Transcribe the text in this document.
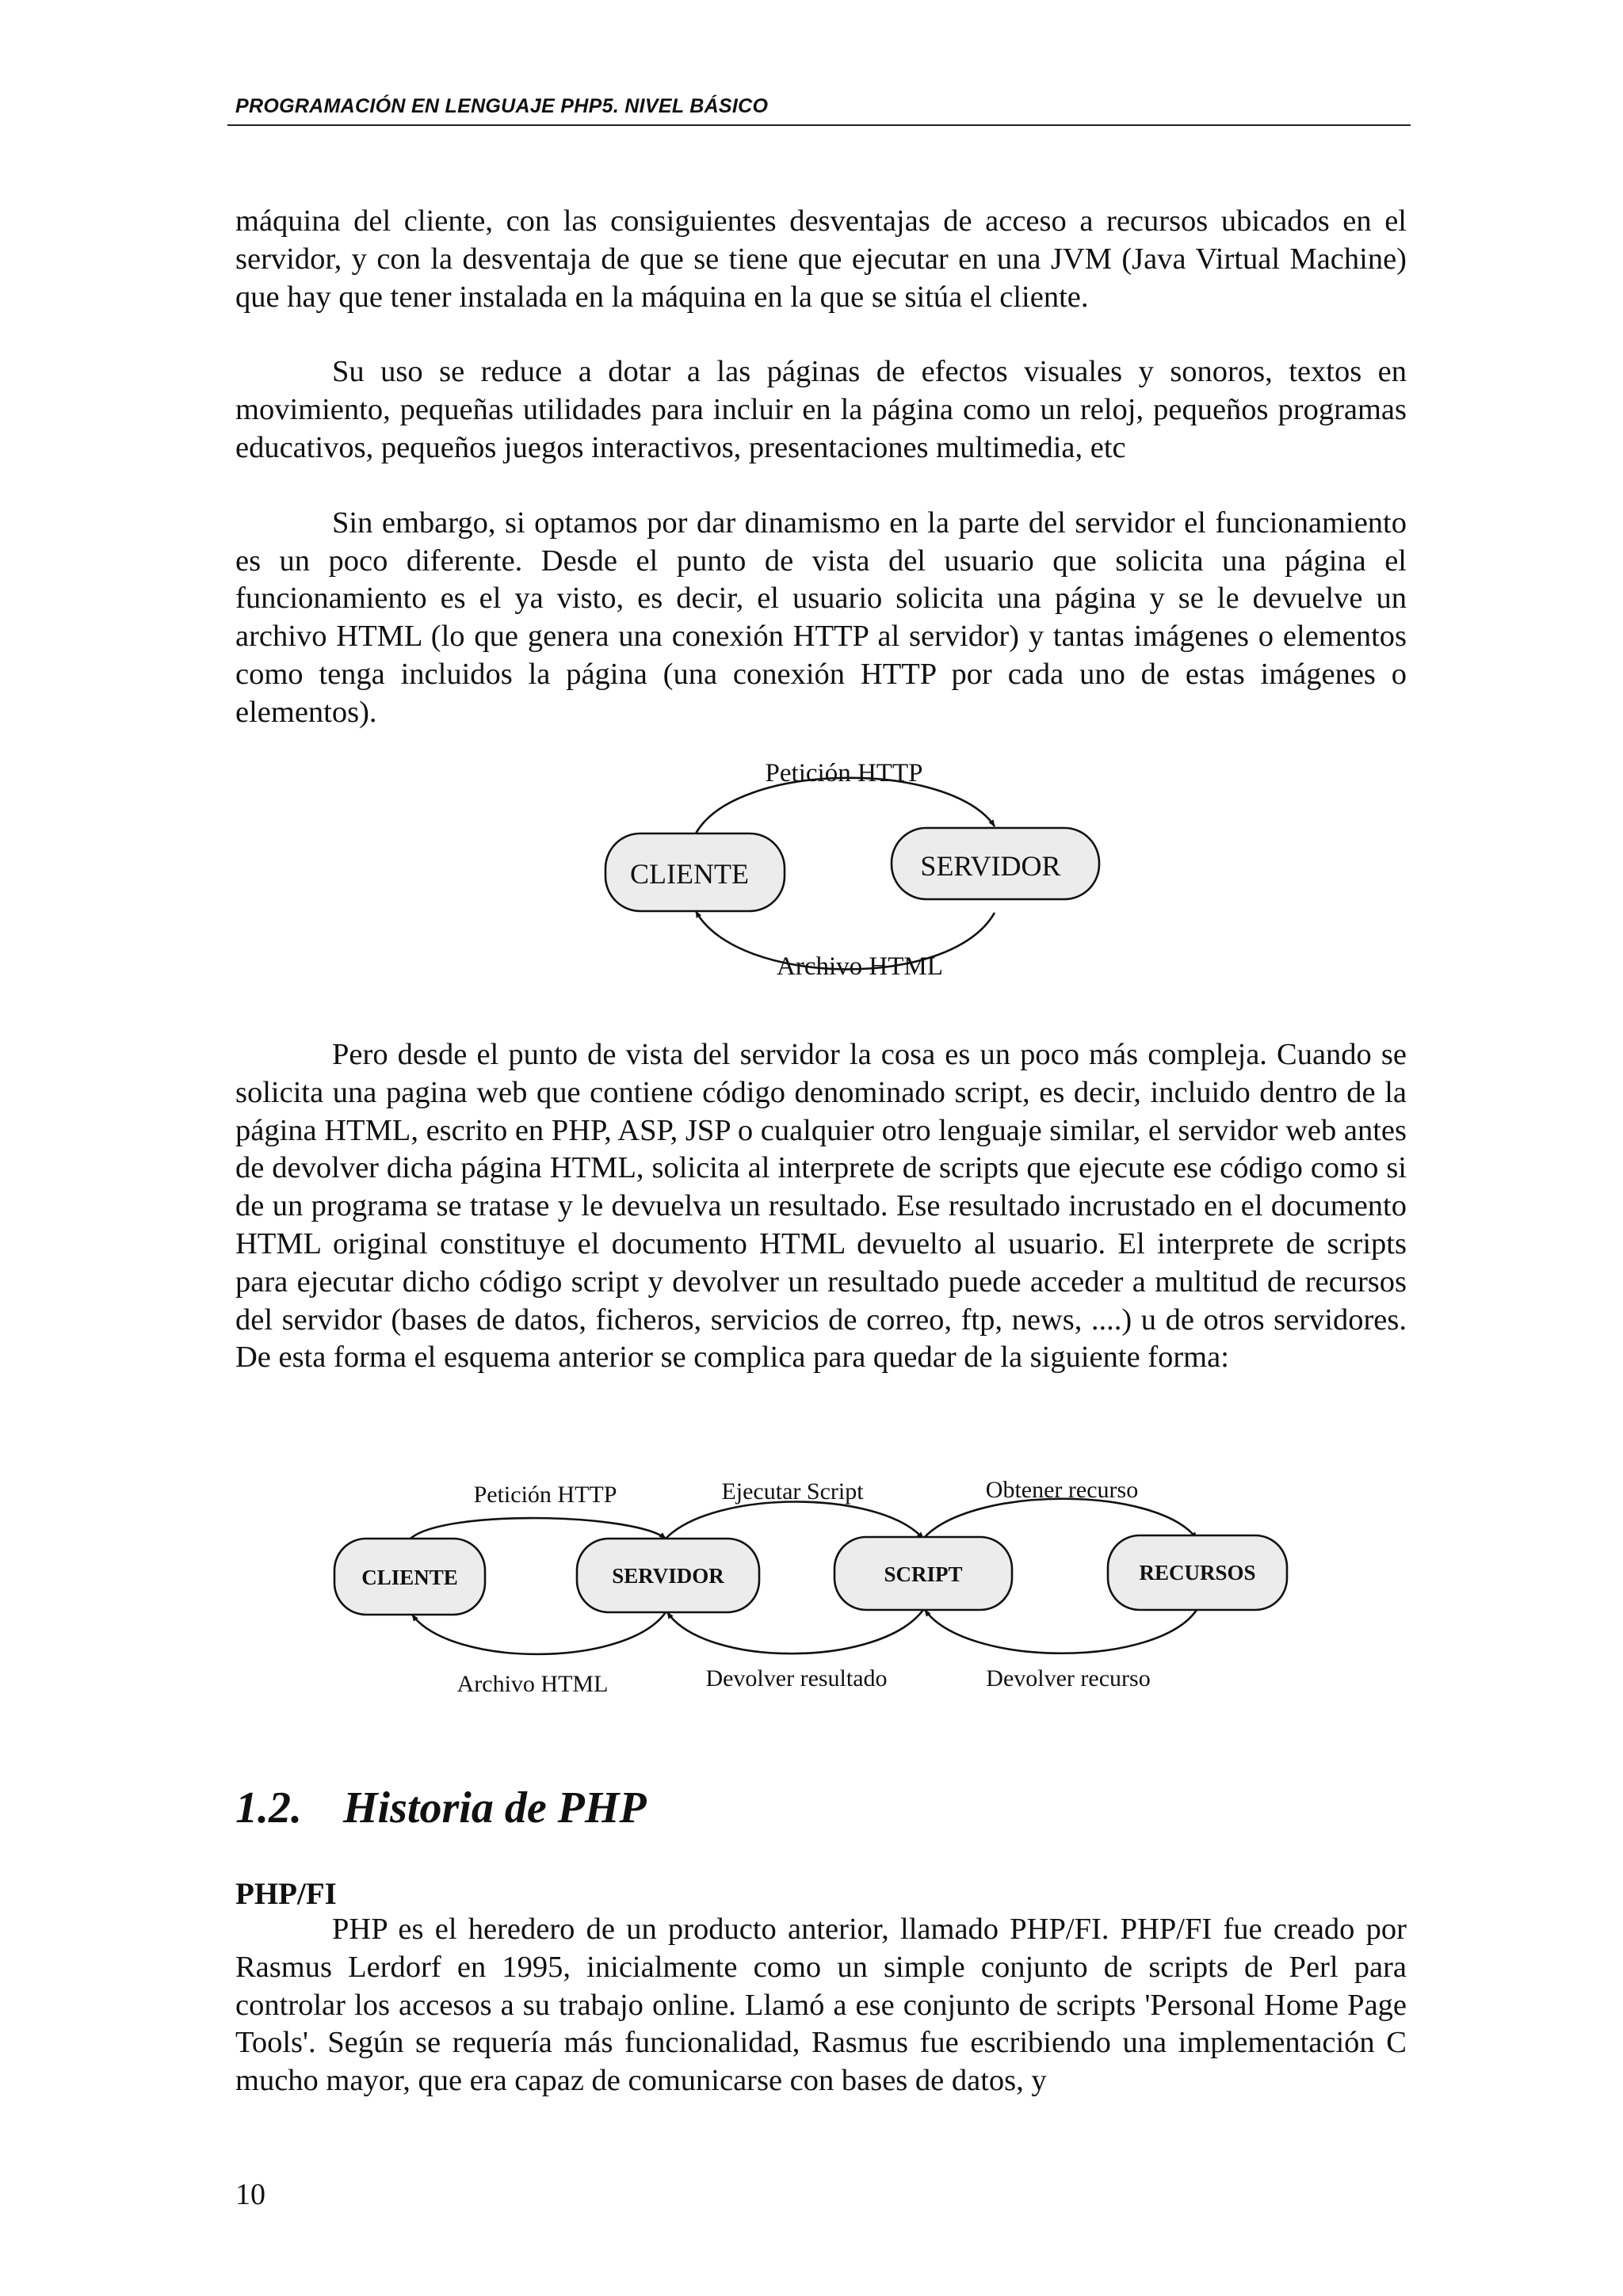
PROGRAMACIÓN EN LENGUAJE PHP5. NIVEL BÁSICO

máquina del cliente, con las consiguientes desventajas de acceso a recursos ubicados en el servidor, y con la desventaja de que se tiene que ejecutar en una JVM (Java Virtual Machine) que hay que tener instalada en la máquina en la que se sitúa el cliente.

Su uso se reduce a dotar a las páginas de efectos visuales y sonoros, textos en movimiento, pequeñas utilidades para incluir en la página como un reloj, pequeños programas educativos, pequeños juegos interactivos, presentaciones multimedia, etc

Sin embargo, si optamos por dar dinamismo en la parte del servidor el funcionamiento es un poco diferente. Desde el punto de vista del usuario que solicita una página el funcionamiento es el ya visto, es decir, el usuario solicita una página y se le devuelve un archivo HTML (lo que genera una conexión HTTP al servidor) y tantas imágenes o elementos como tenga incluidos la página (una conexión HTTP por cada uno de estas imágenes o elementos).

Petición HTTP
Archivo HTML
CLIENTE	SERVIDOR

Pero desde el punto de vista del servidor la cosa es un poco más compleja. Cuando se solicita una pagina web que contiene código denominado script, es decir, incluido dentro de la página HTML, escrito en PHP, ASP, JSP o cualquier otro lenguaje similar, el servidor web antes de devolver dicha página HTML, solicita al interprete de scripts que ejecute ese código como si de un programa se tratase y le devuelva un resultado. Ese resultado incrustado en el documento HTML original constituye el documento HTML devuelto al usuario. El interprete de scripts para ejecutar dicho código script y devolver un resultado puede acceder a multitud de recursos del servidor (bases de datos, ficheros, servicios de correo, ftp, news, ....) u de otros servidores. De esta forma el esquema anterior se complica para quedar de la siguiente forma:

Petición HTTP	Ejecutar Script	Obtener recurso
Archivo HTML	Devolver resultado	Devolver recurso
CLIENTE	SERVIDOR	SCRIPT	RECURSOS
1.2. Historia de PHP
PHP/FI

PHP es el heredero de un producto anterior, llamado PHP/FI. PHP/FI fue creado por Rasmus Lerdorf en 1995, inicialmente como un simple conjunto de scripts de Perl para controlar los accesos a su trabajo online. Llamó a ese conjunto de scripts 'Personal Home Page Tools'. Según se requería más funcionalidad, Rasmus fue escribiendo una implementación C mucho mayor, que era capaz de comunicarse con bases de datos, y

10
